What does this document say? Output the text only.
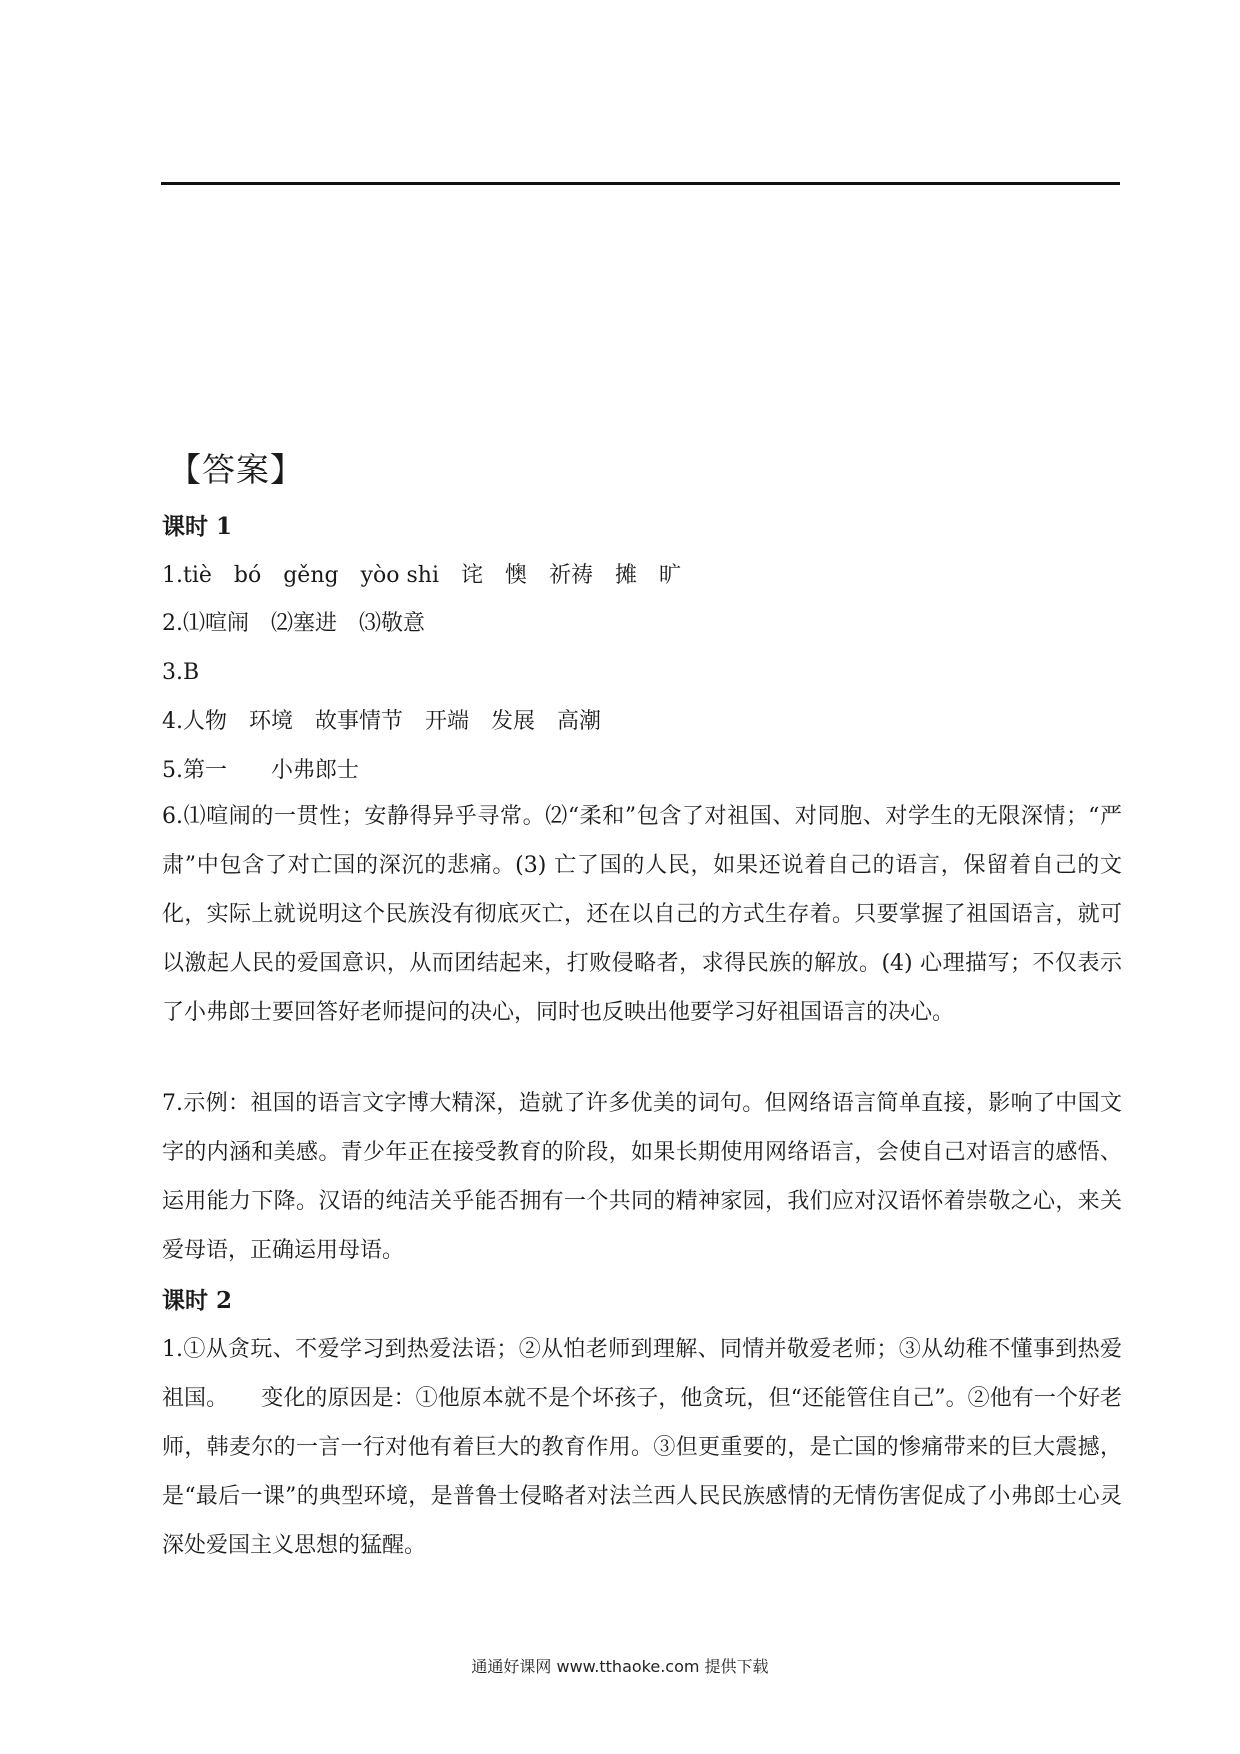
【答案】
课时 1
1.tiè　bó　gěng　yòo shi　诧　懊　祈祷　摊　旷
2.⑴喧闹　⑵塞进　⑶敬意
3.B
4.人物　环境　故事情节　开端　发展　高潮
5.第一　　小弗郎士
6.⑴喧闹的一贯性；安静得异乎寻常。⑵“柔和”包含了对祖国、对同胞、对学生的无限深情；“严肃”中包含了对亡国的深沉的悲痛。(3) 亡了国的人民，如果还说着自己的语言，保留着自己的文化，实际上就说明这个民族没有彻底灭亡，还在以自己的方式生存着。只要掌握了祖国语言，就可以激起人民的爱国意识，从而团结起来，打败侵略者，求得民族的解放。(4) 心理描写；不仅表示了小弗郎士要回答好老师提问的决心，同时也反映出他要学习好祖国语言的决心。
7.示例：祖国的语言文字博大精深，造就了许多优美的词句。但网络语言简单直接，影响了中国文字的内涵和美感。青少年正在接受教育的阶段，如果长期使用网络语言，会使自己对语言的感悟、运用能力下降。汉语的纯洁关乎能否拥有一个共同的精神家园，我们应对汉语怀着崇敬之心，来关爱母语，正确运用母语。
课时 2
1.①从贪玩、不爱学习到热爱法语；②从怕老师到理解、同情并敬爱老师；③从幼稚不懂事到热爱祖国。　　变化的原因是：①他原本就不是个坏孩子，他贪玩，但“还能管住自己”。②他有一个好老师，韩麦尔的一言一行对他有着巨大的教育作用。③但更重要的，是亡国的惨痛带来的巨大震撼，是“最后一课”的典型环境，是普鲁士侵略者对法兰西人民民族感情的无情伤害促成了小弗郎士心灵深处爱国主义思想的猛醒。
通通好课网 www.tthaoke.com 提供下载
